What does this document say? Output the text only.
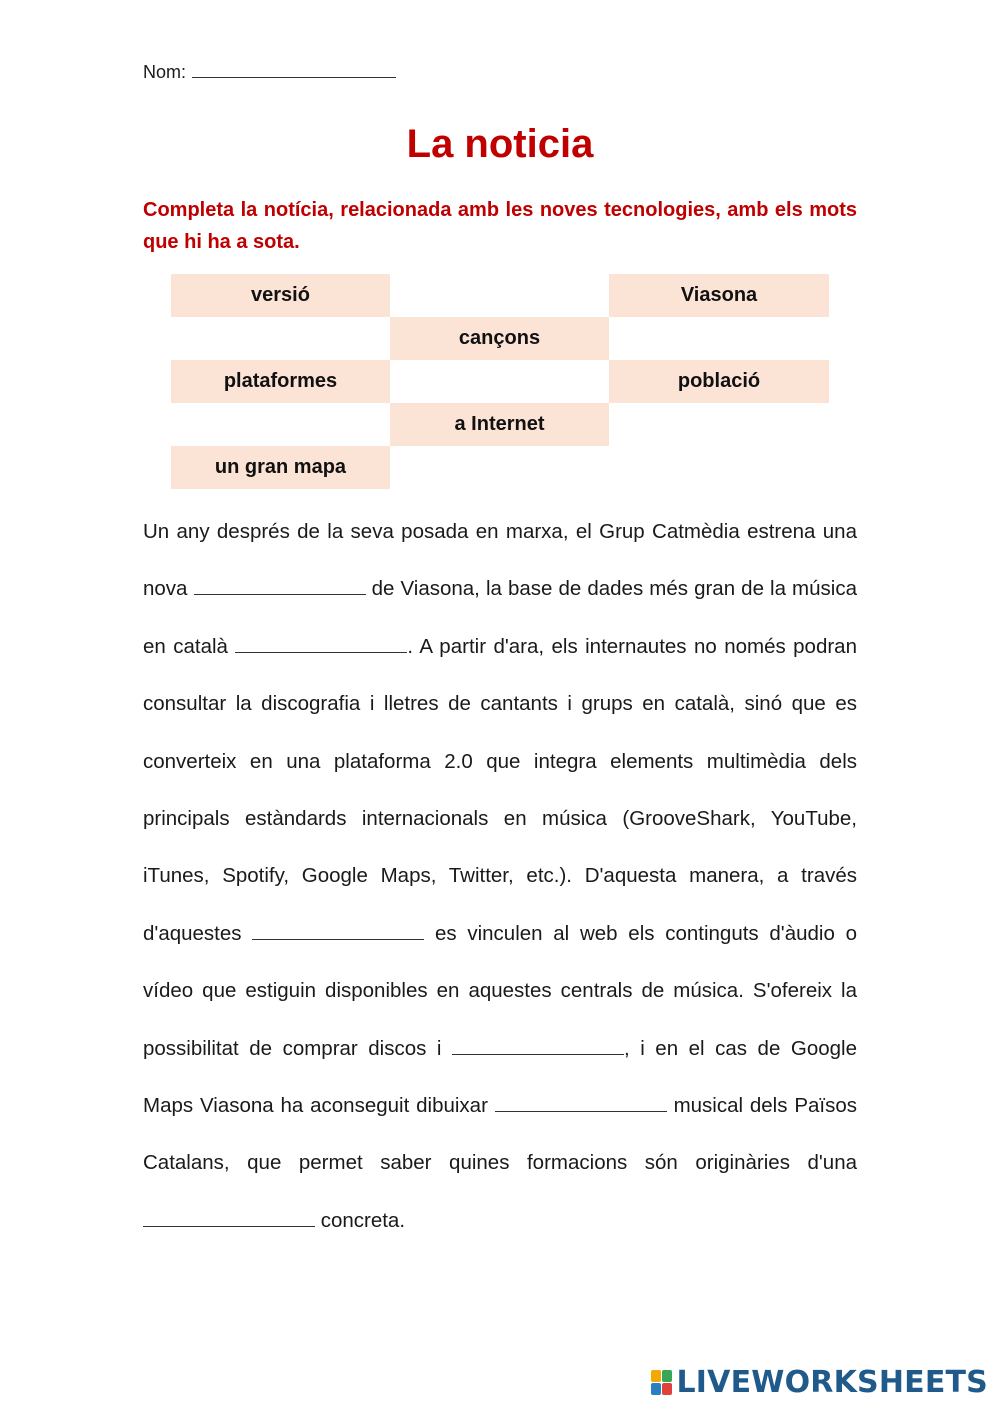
Nom:
La noticia
Completa la notícia, relacionada amb les noves tecnologies, amb els mots que hi ha a sota.
versió	Viasona
cançons
plataformes	població
a Internet
un gran mapa
Un any després de la seva posada en marxa, el Grup Catmèdia estrena una nova	de Viasona, la base de dades més gran de la música en català	. A partir d'ara, els internautes no només podran consultar la discografia i lletres de cantants i grups en català, sinó que es converteix en una plataforma 2.0 que integra elements multimèdia dels principals estàndards internacionals en música (GrooveShark, YouTube, iTunes, Spotify, Google Maps, Twitter, etc.). D'aquesta manera, a través d'aquestes	es vinculen al web els continguts d'àudio o vídeo que estiguin disponibles en aquestes centrals de música. S'ofereix la possibilitat de comprar discos i	, i en el cas de Google Maps Viasona ha aconseguit dibuixar	musical dels Països Catalans, que permet saber quines formacions són originàries d'una  concreta.
LIVEWORKSHEETS
